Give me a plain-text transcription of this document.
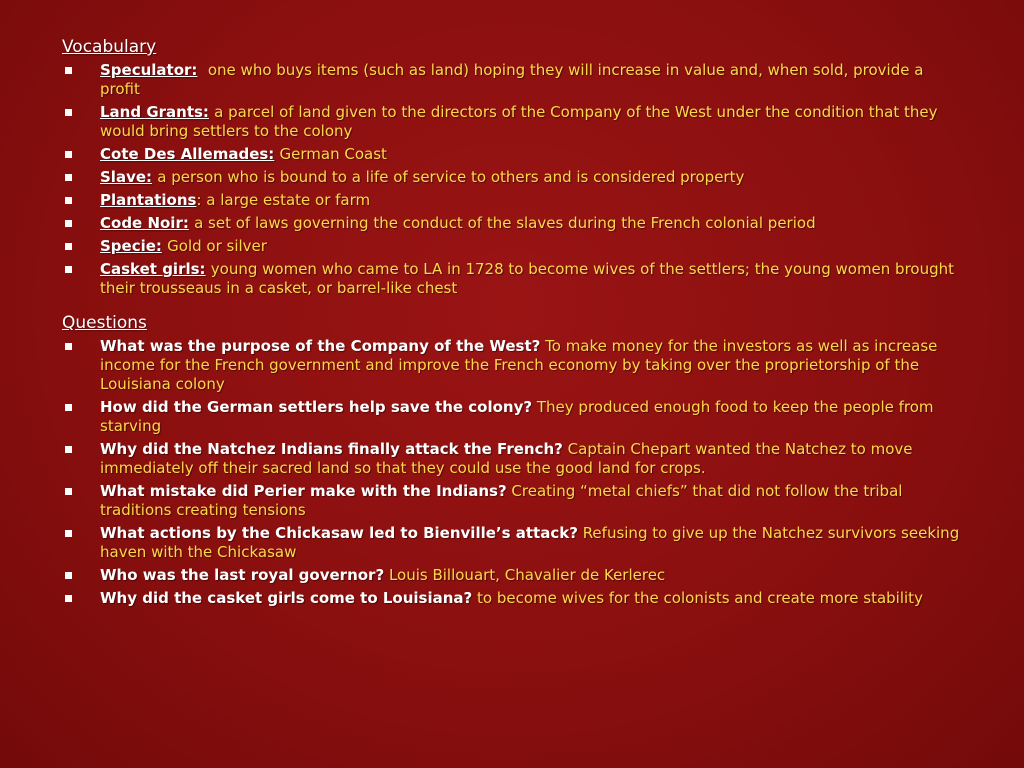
Vocabulary
Speculator: one who buys items (such as land) hoping they will increase in value and, when sold, provide a profit
Land Grants: a parcel of land given to the directors of the Company of the West under the condition that they would bring settlers to the colony
Cote Des Allemades: German Coast
Slave: a person who is bound to a life of service to others and is considered property
Plantations: a large estate or farm
Code Noir: a set of laws governing the conduct of the slaves during the French colonial period
Specie: Gold or silver
Casket girls: young women who came to LA in 1728 to become wives of the settlers; the young women brought their trousseaus in a casket, or barrel-like chest
Questions
What was the purpose of the Company of the West? To make money for the investors as well as increase income for the French government and improve the French economy by taking over the proprietorship of the Louisiana colony
How did the German settlers help save the colony? They produced enough food to keep the people from starving
Why did the Natchez Indians finally attack the French? Captain Chepart wanted the Natchez to move immediately off their sacred land so that they could use the good land for crops.
What mistake did Perier make with the Indians? Creating “metal chiefs” that did not follow the tribal traditions creating tensions
What actions by the Chickasaw led to Bienville’s attack? Refusing to give up the Natchez survivors seeking haven with the Chickasaw
Who was the last royal governor? Louis Billouart, Chavalier de Kerlerec
Why did the casket girls come to Louisiana? to become wives for the colonists and create more stability
